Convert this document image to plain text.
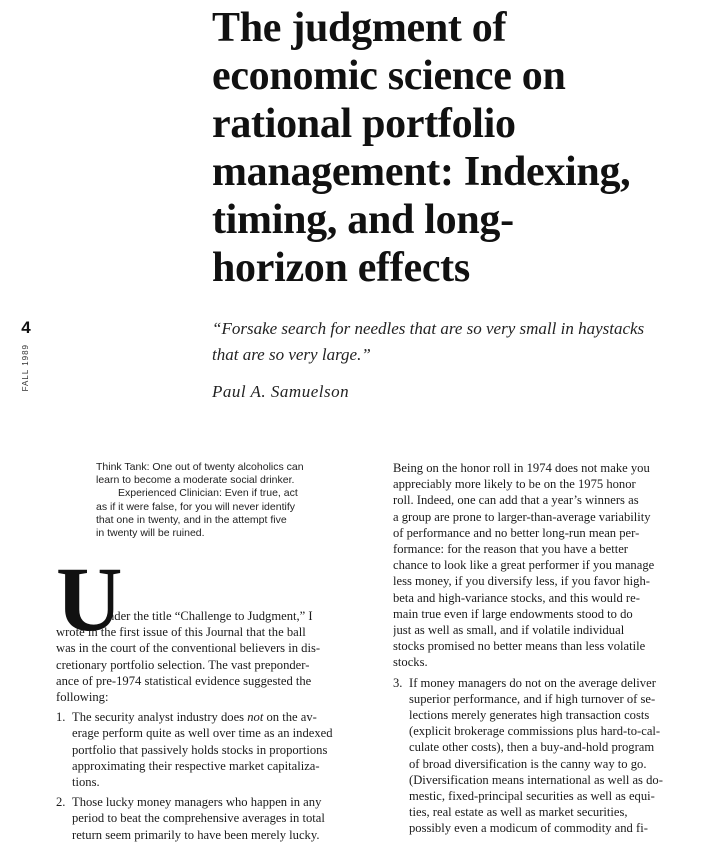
The judgment of
economic science on
rational portfolio
management: Indexing,
timing, and long-
horizon effects
4
FALL 1989
“Forsake search for needles that are so very small in haystacks
that are so very large.”
Paul A. Samuelson
Think Tank: One out of twenty alcoholics can
learn to become a moderate social drinker.
Experienced Clinician: Even if true, act
as if it were false, for you will never identify
that one in twenty, and in the attempt five
in twenty will be ruined.
U
nder the title “Challenge to Judgment,” I
wrote in the first issue of this Journal that the ball
was in the court of the conventional believers in dis-
cretionary portfolio selection. The vast preponder-
ance of pre-1974 statistical evidence suggested the
following:
1. The security analyst industry does not on the av-
erage perform quite as well over time as an indexed
portfolio that passively holds stocks in proportions
approximating their respective market capitaliza-
tions.
2. Those lucky money managers who happen in any
period to beat the comprehensive averages in total
return seem primarily to have been merely lucky.
Being on the honor roll in 1974 does not make you
appreciably more likely to be on the 1975 honor
roll. Indeed, one can add that a year’s winners as
a group are prone to larger-than-average variability
of performance and no better long-run mean per-
formance: for the reason that you have a better
chance to look like a great performer if you manage
less money, if you diversify less, if you favor high-
beta and high-variance stocks, and this would re-
main true even if large endowments stood to do
just as well as small, and if volatile individual
stocks promised no better means than less volatile
stocks.
3. If money managers do not on the average deliver
superior performance, and if high turnover of se-
lections merely generates high transaction costs
(explicit brokerage commissions plus hard-to-cal-
culate other costs), then a buy-and-hold program
of broad diversification is the canny way to go.
(Diversification means international as well as do-
mestic, fixed-principal securities as well as equi-
ties, real estate as well as market securities,
possibly even a modicum of commodity and fi-
